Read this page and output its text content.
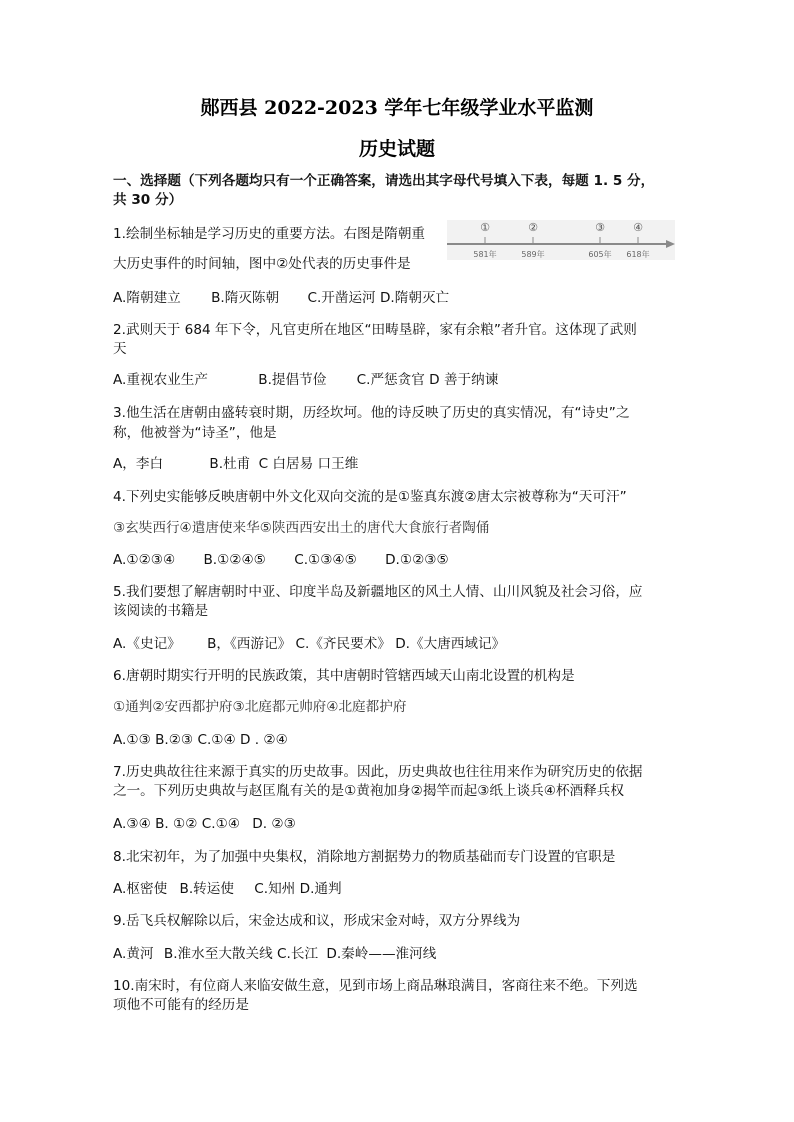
郧西县 2022-2023 学年七年级学业水平监测
历史试题
一、选择题（下列各题均只有一个正确答案，请选出其字母代号填入下表，每题 1. 5 分，
共 30 分）
1.绘制坐标轴是学习历史的重要方法。右图是隋朝重
大历史事件的时间轴，图中②处代表的历史事件是
①	②	③	④
581年	589年	605年 618年
A.隋朝建立 B.隋灭陈朝 C.开凿运河 D.隋朝灭亡
2.武则天于 684 年下令，凡官吏所在地区“田畴垦辟，家有余粮”者升官。这体现了武则
天
A.重视农业生产	B.提倡节俭 C.严惩贪官 D 善于纳谏
3.他生活在唐朝由盛转衰时期，历经坎坷。他的诗反映了历史的真实情况，有“诗史”之
称，他被誉为“诗圣”，他是
A，李白	B.杜甫 C 白居易 口王维
4.下列史实能够反映唐朝中外文化双向交流的是①鉴真东渡②唐太宗被尊称为“天可汗”
③玄奘西行④遣唐使来华⑤陕西西安出土的唐代大食旅行者陶俑
A.①②③④ B.①②④⑤ C.①③④⑤ D.①②③⑤
5.我们要想了解唐朝时中亚、印度半岛及新疆地区的风土人情、山川风貌及社会习俗，应
该阅读的书籍是
A.《史记》 B，《西游记》 C.《齐民要术》 D.《大唐西域记》
6.唐朝时期实行开明的民族政策，其中唐朝时管辖西域天山南北设置的机构是
①通判②安西都护府③北庭都元帅府④北庭都护府
A.①③ B.②③ C.①④ D . ②④
7.历史典故往往来源于真实的历史故事。因此，历史典故也往往用来作为研究历史的依据
之一。下列历史典故与赵匡胤有关的是①黄袍加身②揭竿而起③纸上谈兵④杯酒释兵权
A.③④ B. ①② C.①④ D. ②③
8.北宋初年，为了加强中央集权，消除地方割据势力的物质基础而专门设置的官职是
A.枢密使 B.转运使 C.知州 D.通判
9.岳飞兵权解除以后，宋金达成和议，形成宋金对峙，双方分界线为
A.黄河 B.淮水至大散关线 C.长江 D.秦岭——淮河线
10.南宋时，有位商人来临安做生意，见到市场上商品琳琅满目，客商往来不绝。下列选
项他不可能有的经历是
